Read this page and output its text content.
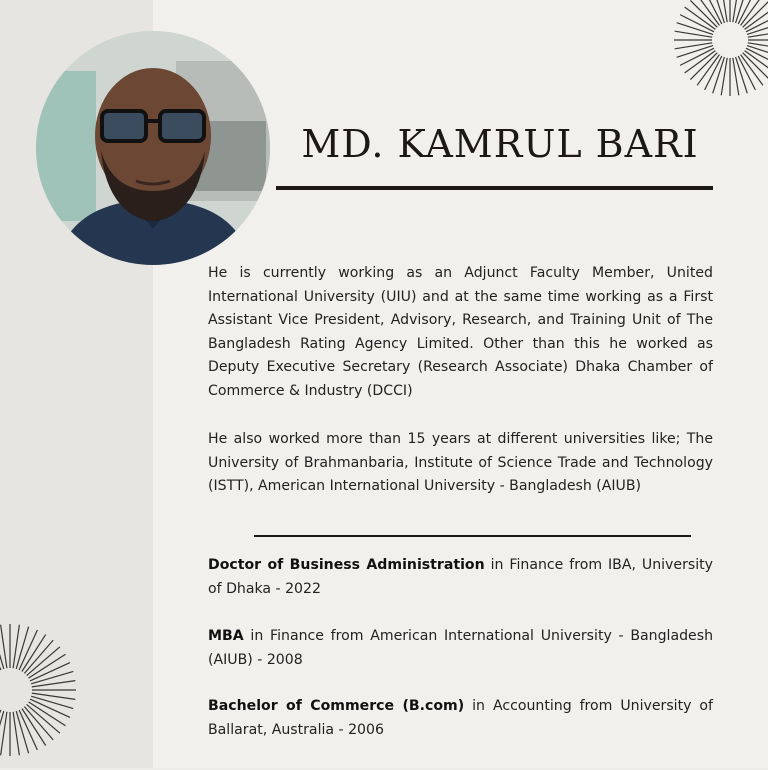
MD. KAMRUL BARI

He is currently working as an Adjunct Faculty Member, United International University (UIU) and at the same time working as a First Assistant Vice President, Advisory, Research, and Training Unit of The Bangladesh Rating Agency Limited. Other than this he worked as Deputy Executive Secretary (Research Associate) Dhaka Chamber of Commerce & Industry (DCCI)

He also worked more than 15 years at different universities like; The University of Brahmanbaria, Institute of Science Trade and Technology (ISTT), American International University - Bangladesh (AIUB)

Doctor of Business Administration in Finance from IBA, University of Dhaka - 2022

MBA in Finance from American International University - Bangladesh (AIUB) - 2008

Bachelor of Commerce (B.com) in Accounting from University of Ballarat, Australia - 2006
